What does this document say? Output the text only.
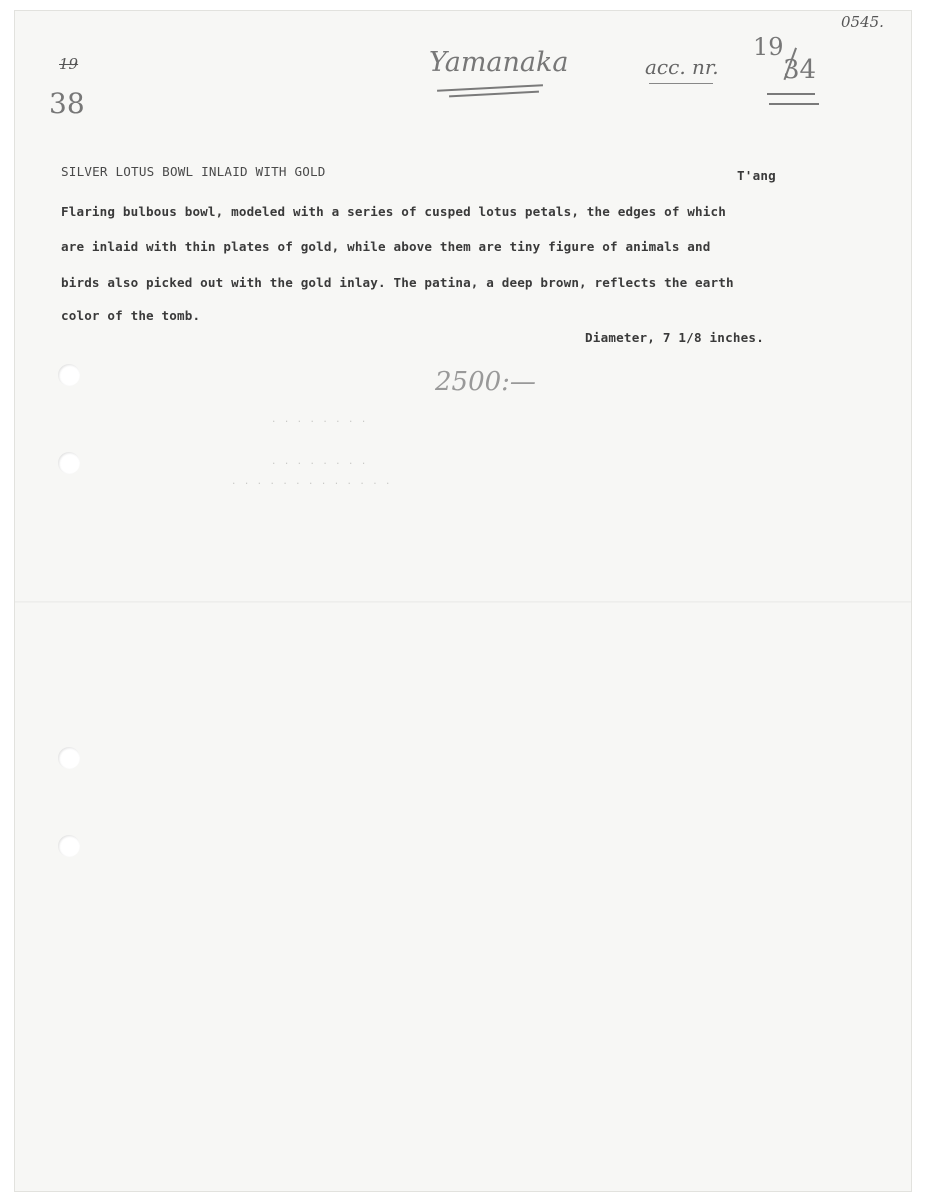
0545.
19
38
Yamanaka	acc. nr.
19
34
SILVER LOTUS BOWL INLAID WITH GOLD	T'ang
Flaring bulbous bowl, modeled with a series of cusped lotus petals, the edges of which
are inlaid with thin plates of gold, while above them are tiny figure of animals and
birds also picked out with the gold inlay. The patina, a deep brown, reflects the earth
color of the tomb.
Diameter, 7 1/8 inches.
2500:—
. . . . . . . .
. . . . . . . .
. . . . . . . . . . . . .
